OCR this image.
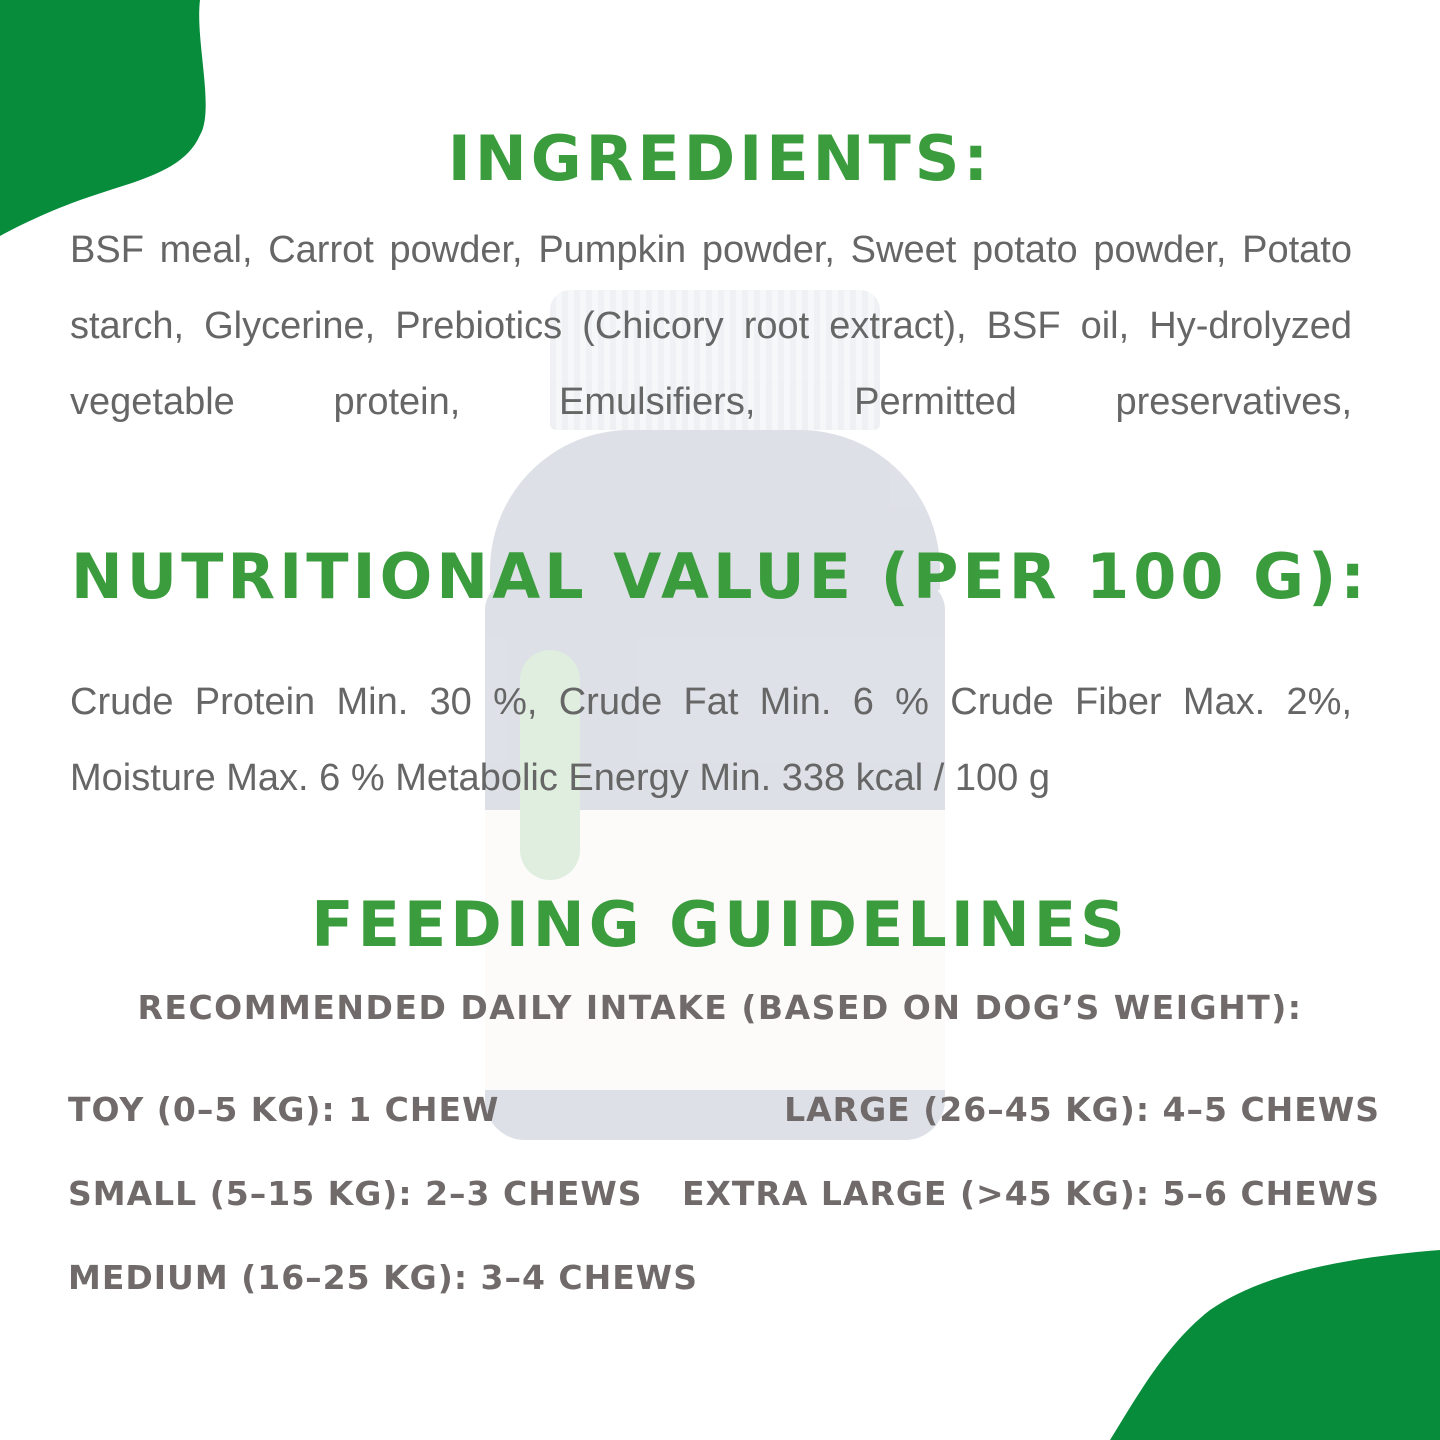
INGREDIENTS:

BSF meal, Carrot powder, Pumpkin powder, Sweet potato powder, Potato starch, Glycerine, Prebiotics (Chicory root extract), BSF oil, Hy-drolyzed vegetable protein, Emulsifiers, Permitted preservatives,

NUTRITIONAL VALUE (PER 100 G):

Crude Protein Min. 30 %, Crude Fat Min. 6 % Crude Fiber Max. 2%, Moisture Max. 6 % Metabolic Energy Min. 338 kcal / 100 g

FEEDING GUIDELINES

RECOMMENDED DAILY INTAKE (BASED ON DOG’S WEIGHT):

TOY (0–5 KG): 1 CHEW

SMALL (5–15 KG): 2–3 CHEWS

MEDIUM (16–25 KG): 3–4 CHEWS

LARGE (26–45 KG): 4–5 CHEWS

EXTRA LARGE (>45 KG): 5–6 CHEWS
